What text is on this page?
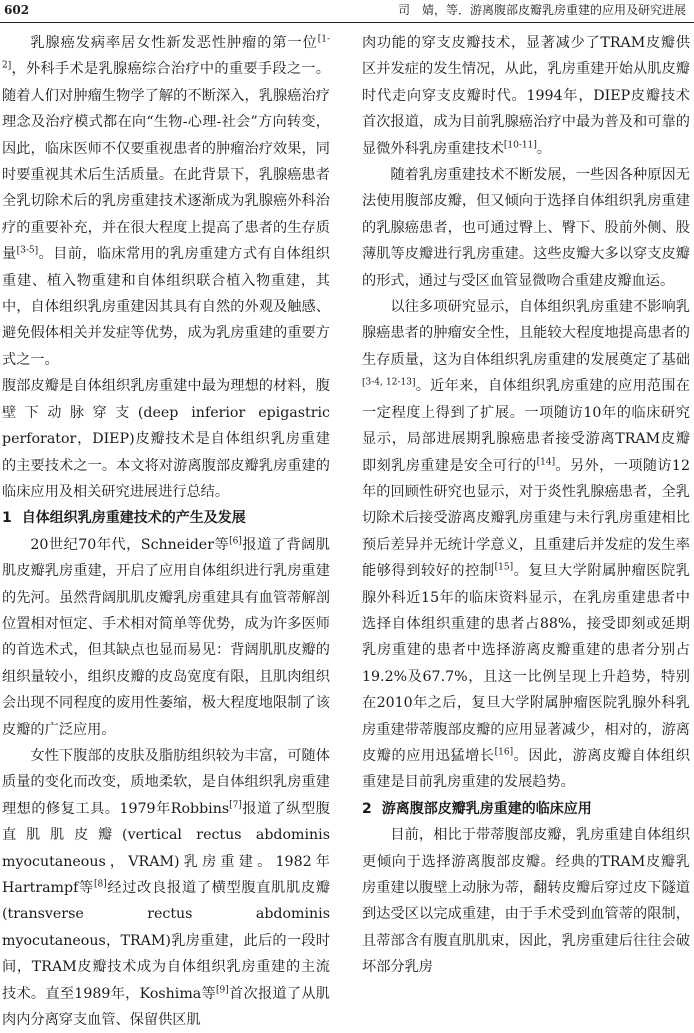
602	司　婧，等．游离腹部皮瓣乳房重建的应用及研究进展

乳腺癌发病率居女性新发恶性肿瘤的第一位 [ $^{1-2}$ ] ，外科手术是乳腺癌综合治疗中的重要手段之一。随着人们对肿瘤生物学了解的不断深入，乳腺癌治疗理念及治疗模式都在向“生物-心理-社会”方向转变，因此，临床医师不仅要重视患者的肿瘤治疗效果，同时要重视其术后生活质量。在此背景下，乳腺癌患者全乳切除术后的乳房重建技术逐渐成为乳腺癌外科治疗的重要补充，并在很大程度上提高了患者的生存质量 [ $^{3-5}$ ] 。目前，临床常用的乳房重建方式有自体组织重建、植入物重建和自体组织联合植入物重建，其中，自体组织乳房重建因其具有自然的外观及触感、避免假体相关并发症等优势，成为乳房重建的重要方式之一。

腹部皮瓣是自体组织乳房重建中最为理想的材料，腹壁下动脉穿支(deep inferior epigastric perforator，DIEP)皮瓣技术是自体组织乳房重建的主要技术之一。本文将对游离腹部皮瓣乳房重建的临床应用及相关研究进展进行总结。

1 自体组织乳房重建技术的产生及发展

20世纪70年代，Schneider等 [ $^6$ ] 报道了背阔肌肌皮瓣乳房重建，开启了应用自体组织进行乳房重建的先河。虽然背阔肌肌皮瓣乳房重建具有血管蒂解剖位置相对恒定、手术相对简单等优势，成为许多医师的首选术式，但其缺点也显而易见：背阔肌肌皮瓣的组织量较小，组织皮瓣的皮岛宽度有限，且肌肉组织会出现不同程度的废用性萎缩，极大程度地限制了该皮瓣的广泛应用。

女性下腹部的皮肤及脂肪组织较为丰富，可随体质量的变化而改变，质地柔软，是自体组织乳房重建理想的修复工具。1979年Robbins [ $^7$ ] 报道了纵型腹直肌肌皮瓣(vertical rectus abdominis myocutaneous，VRAM)乳房重建。1982年Hartrampf等 [ $^8$ ] 经过改良报道了横型腹直肌肌皮瓣(transverse rectus abdominis myocutaneous，TRAM)乳房重建，此后的一段时间，TRAM皮瓣技术成为自体组织乳房重建的主流技术。直至1989年，Koshima等 [ $^9$ ] 首次报道了从肌肉内分离穿支血管、保留供区肌

肉功能的穿支皮瓣技术，显著减少了TRAM皮瓣供区并发症的发生情况，从此，乳房重建开始从肌皮瓣时代走向穿支皮瓣时代。1994年，DIEP皮瓣技术首次报道，成为目前乳腺癌治疗中最为普及和可靠的显微外科乳房重建技术 [ $^{10-11}$ ] 。

随着乳房重建技术不断发展，一些因各种原因无法使用腹部皮瓣，但又倾向于选择自体组织乳房重建的乳腺癌患者，也可通过臀上、臀下、股前外侧、股薄肌等皮瓣进行乳房重建。这些皮瓣大多以穿支皮瓣的形式，通过与受区血管显微吻合重建皮瓣血运。

以往多项研究显示，自体组织乳房重建不影响乳腺癌患者的肿瘤安全性，且能较大程度地提高患者的生存质量，这为自体组织乳房重建的发展奠定了基础[ $^{3-4, 12-13}$ ] 。近年来，自体组织乳房重建的应用范围在一定程度上得到了扩展。一项随访10年的临床研究显示，局部进展期乳腺癌患者接受游离TRAM皮瓣即刻乳房重建是安全可行的 [ $^{14}$ ] 。另外，一项随访12年的回顾性研究也显示，对于炎性乳腺癌患者，全乳切除术后接受游离皮瓣乳房重建与未行乳房重建相比预后差异并无统计学意义，且重建后并发症的发生率能够得到较好的控制 [ $^{15}$ ] 。复旦大学附属肿瘤医院乳腺外科近15年的临床资料显示，在乳房重建患者中选择自体组织重建的患者占88%，接受即刻或延期乳房重建的患者中选择游离皮瓣重建的患者分别占19.2%及67.7%，且这一比例呈现上升趋势，特别在2010年之后，复旦大学附属肿瘤医院乳腺外科乳房重建带蒂腹部皮瓣的应用显著减少，相对的，游离皮瓣的应用迅猛增长 [ $^{16}$ ] 。因此，游离皮瓣自体组织重建是目前乳房重建的发展趋势。

2 游离腹部皮瓣乳房重建的临床应用

目前，相比于带蒂腹部皮瓣，乳房重建自体组织更倾向于选择游离腹部皮瓣。经典的TRAM皮瓣乳房重建以腹壁上动脉为蒂，翻转皮瓣后穿过皮下隧道到达受区以完成重建，由于手术受到血管蒂的限制，且蒂部含有腹直肌肌束，因此，乳房重建后往往会破坏部分乳房
